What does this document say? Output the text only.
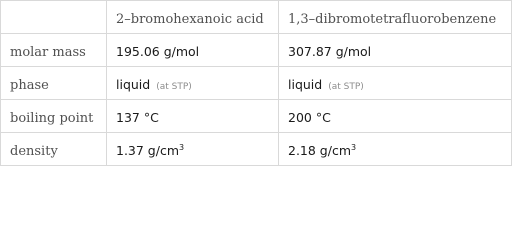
	2–bromohexanoic acid	1,3–dibromotetrafluorobenzene
molar mass	195.06 g/mol	307.87 g/mol
phase	liquid (at STP)	liquid (at STP)
boiling point	137 °C	200 °C
density	1.37 $g/cm^3$	2.18 $g/cm^3$
